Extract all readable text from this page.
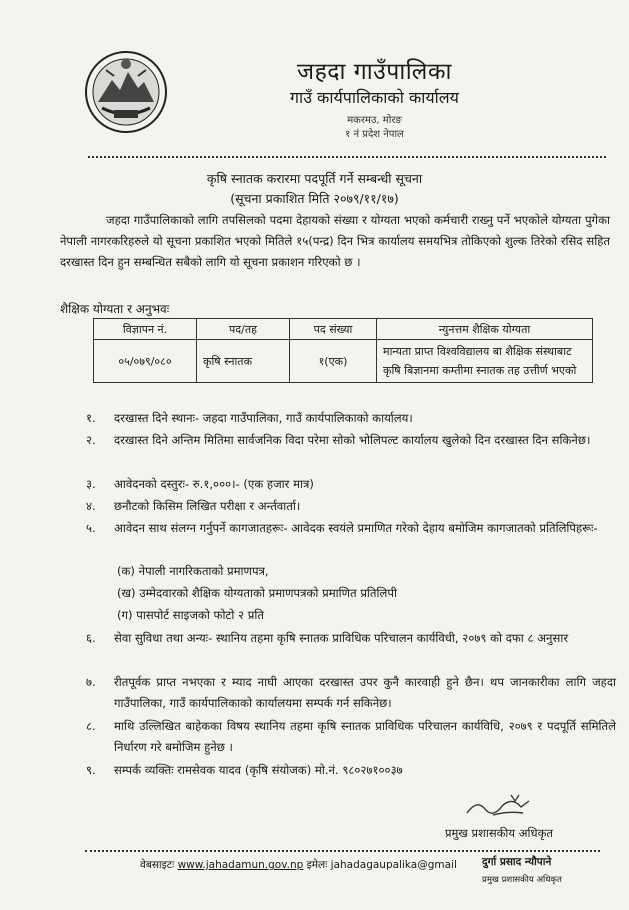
जहदा गाउँपालिका
गाउँ कार्यपालिकाको कार्यालय
मकरमउ, मोरङ
१ नं प्रदेश नेपाल
कृषि स्नातक करारमा पदपूर्ति गर्ने सम्बन्धी सूचना
(सूचना प्रकाशित मिति २०७९/११/१७)
जहदा गाउँपालिकाको लागि तपसिलको पदमा देहायको संख्या र योग्यता भएको कर्मचारी राख्नु पर्ने भएकोले योग्यता पुगेका नेपाली नागरकरिहरुले यो सूचना प्रकाशित भएको मितिले १५(पन्द्र) दिन भित्र कार्यालय समयभित्र तोकिएको शुल्क तिरेको रसिद सहित दरखास्त दिन हुन सम्बन्धित सबैको लागि यो सूचना प्रकाशन गरिएको छ ।
शैक्षिक योग्यता र अनुभवः
विज्ञापन नं.	पद/तह	पद संख्या	न्युनत्तम शैक्षिक योग्यता
०५/०७९/०८०	कृषि स्नातक	१(एक)	मान्यता प्राप्त विश्वविद्यालय बा शैक्षिक संस्थाबाट कृषि बिज्ञानमा कम्तीमा स्नातक तह उत्तीर्ण भएको
१. दरखास्त दिने स्थानः- जहदा गाउँपालिका, गाउँ कार्यपालिकाको कार्यालय।
२.	दरखास्त दिने अन्तिम मितिमा सार्वजनिक विदा परेमा सोको भोलिपल्ट कार्यालय खुलेको दिन दरखास्त दिन सकिनेछ।
३. आवेदनको दस्तुरः- रु.१,०००।- (एक हजार मात्र)
४. छनौटको किसिम लिखित परीक्षा र अर्न्तवार्ता।
५.	आवेदन साथ संलग्न गर्नुपर्ने कागजातहरूः- आवेदक स्वयंले प्रमाणित गरेको देहाय बमोजिम कागजातको प्रतिलिपिहरूः-
(क) नेपाली नागरिकताको प्रमाणपत्र,
(ख) उम्मेदवारको शैक्षिक योग्यताको प्रमाणपत्रको प्रमाणित प्रतिलिपी
(ग) पासपोर्ट साइजको फोटो २ प्रति
६.	सेवा सुविधा तथा अन्यः- स्थानिय तहमा कृषि स्नातक प्राविधिक परिचालन कार्यविधी, २०७९ को दफा ८ अनुसार
७.	रीतपूर्वक प्राप्त नभएका र म्याद नाघी आएका दरखास्त उपर कुनै कारवाही हुने छैन। थप जानकारीका लागि जहदा गाउँपालिका, गाउँ कार्यपालिकाको कार्यालयमा सम्पर्क गर्न सकिनेछ।
८.	माथि उल्लिखित बाहेकका विषय स्थानिय तहमा कृषि स्नातक प्राविधिक परिचालन कार्यविधि, २०७९ र पदपूर्ति समितिले निर्धारण गरे बमोजिम हुनेछ ।
९. सम्पर्क व्यक्तिः रामसेवक यादव (कृषि संयोजक) मो.नं. ९८०२७१००३७
प्रमुख प्रशासकीय अधिकृत
वेबसाइटः www.jahadamun.gov.np इमेलः jahadagaupalika@gmail दुर्गा प्रसाद न्यौपाने
प्रमुख प्रशासकीय अधिकृत
